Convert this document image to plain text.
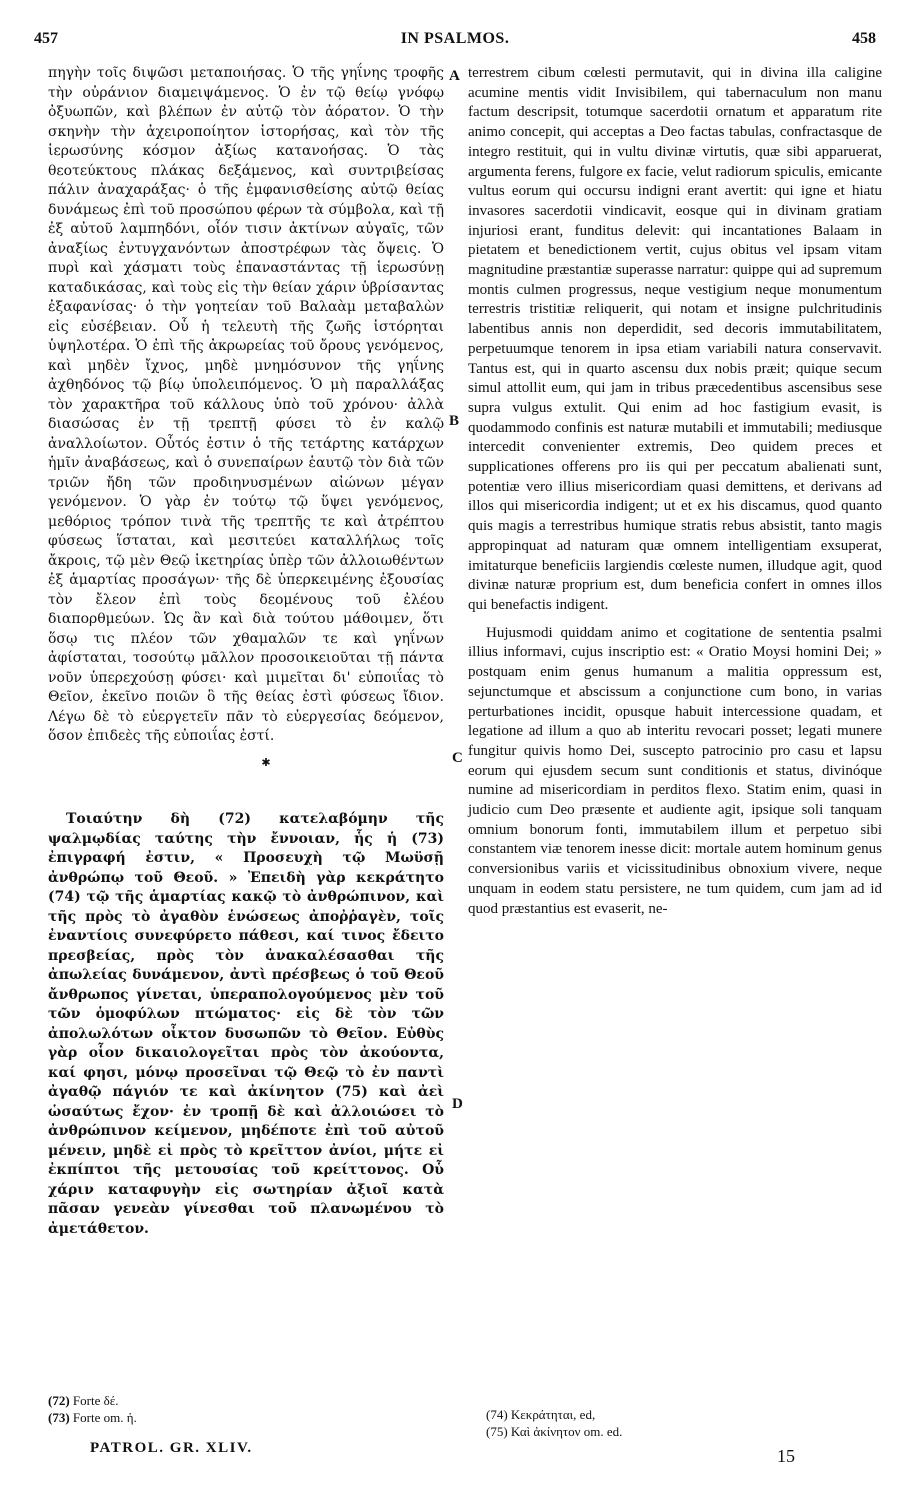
457	IN PSALMOS.	458

πηγὴν τοῖς διψῶσι μεταποιήσας. Ὁ τῆς γηΐνης τροφῆς τὴν οὐράνιον διαμειψάμενος. Ὁ ἐν τῷ θείῳ γνόφῳ ὀξυωπῶν, καὶ βλέπων ἐν αὐτῷ τὸν ἀόρατον. Ὁ τὴν σκηνὴν τὴν ἀχειροποίητον ἱστορήσας, καὶ τὸν τῆς ἱερωσύνης κόσμον ἀξίως κατανοήσας. Ὁ τὰς θεοτεύκτους πλάκας δεξάμενος, καὶ συντριβείσας πάλιν ἀναχαράξας· ὁ τῆς ἐμφανισθείσης αὐτῷ θείας δυνάμεως ἐπὶ τοῦ προσώπου φέρων τὰ σύμβολα, καὶ τῇ ἐξ αὐτοῦ λαμπηδόνι, οἷόν τισιν ἀκτίνων αὐγαῖς, τῶν ἀναξίως ἐντυγχανόντων ἀποστρέφων τὰς ὄψεις. Ὁ πυρὶ καὶ χάσματι τοὺς ἐπαναστάντας τῇ ἱερωσύνῃ καταδικάσας, καὶ τοὺς εἰς τὴν θείαν χάριν ὑβρίσαντας ἐξαφανίσας· ὁ τὴν γοητείαν τοῦ Βαλαὰμ μεταβαλὼν εἰς εὐσέβειαν. Οὗ ἡ τελευτὴ τῆς ζωῆς ἱστόρηται ὑψηλοτέρα. Ὁ ἐπὶ τῆς ἀκρωρείας τοῦ ὄρους γενόμενος, καὶ μηδὲν ἴχνος, μηδὲ μνημόσυνον τῆς γηΐνης ἀχθηδόνος τῷ βίῳ ὑπολειπόμενος. Ὁ μὴ παραλλάξας τὸν χαρακτῆρα τοῦ κάλλους ὑπὸ τοῦ χρόνου· ἀλλὰ διασώσας ἐν τῇ τρεπτῇ φύσει τὸ ἐν καλῷ ἀναλλοίωτον. Οὗτός ἐστιν ὁ τῆς τετάρτης κατάρχων ἡμῖν ἀναβάσεως, καὶ ὁ συνεπαίρων ἑαυτῷ τὸν διὰ τῶν τριῶν ἤδη τῶν προδιηνυσμένων αἰώνων μέγαν γενόμενον. Ὁ γὰρ ἐν τούτῳ τῷ ὕψει γενόμενος, μεθόριος τρόπον τινὰ τῆς τρεπτῆς τε καὶ ἀτρέπτου φύσεως ἵσταται, καὶ μεσιτεύει καταλλήλως τοῖς ἄκροις, τῷ μὲν Θεῷ ἱκετηρίας ὑπὲρ τῶν ἀλλοιωθέντων ἐξ ἁμαρτίας προσάγων· τῆς δὲ ὑπερκειμένης ἐξουσίας τὸν ἔλεον ἐπὶ τοὺς δεομένους τοῦ ἐλέου διαπορθμεύων. Ὡς ἂν καὶ διὰ τούτου μάθοιμεν, ὅτι ὅσῳ τις πλέον τῶν χθαμαλῶν τε καὶ γηΐνων ἀφίσταται, τοσούτῳ μᾶλλον προσοικειοῦται τῇ πάντα νοῦν ὑπερεχούσῃ φύσει· καὶ μιμεῖται δι' εὐποιΐας τὸ Θεῖον, ἐκεῖνο ποιῶν ὃ τῆς θείας ἐστὶ φύσεως ἴδιον. Λέγω δὲ τὸ εὐεργετεῖν πᾶν τὸ εὐεργεσίας δεόμενον, ὅσον ἐπιδεὲς τῆς εὐποιΐας ἐστί.

✱

Τοιαύτην δὴ (72) κατελαβόμην τῆς ψαλμῳδίας ταύτης τὴν ἔννοιαν, ἧς ἡ (73) ἐπιγραφή ἐστιν, « Προσευχὴ τῷ Μωϋσῇ ἀνθρώπῳ τοῦ Θεοῦ. » Ἐπειδὴ γὰρ κεκράτητο (74) τῷ τῆς ἁμαρτίας κακῷ τὸ ἀνθρώπινον, καὶ τῆς πρὸς τὸ ἀγαθὸν ἑνώσεως ἀποῤῥαγὲν, τοῖς ἐναντίοις συνεφύρετο πάθεσι, καί τινος ἔδειτο πρεσβείας, πρὸς τὸν ἀνακαλέσασθαι τῆς ἀπωλείας δυνάμενον, ἀντὶ πρέσβεως ὁ τοῦ Θεοῦ ἄνθρωπος γίνεται, ὑπεραπολογούμενος μὲν τοῦ τῶν ὁμοφύλων πτώματος· εἰς δὲ τὸν τῶν ἀπολωλότων οἶκτον δυσωπῶν τὸ Θεῖον. Εὐθὺς γὰρ οἷον δικαιολογεῖται πρὸς τὸν ἀκούοντα, καί φησι, μόνῳ προσεῖναι τῷ Θεῷ τὸ ἐν παντὶ ἀγαθῷ πάγιόν τε καὶ ἀκίνητον (75) καὶ ἀεὶ ὡσαύτως ἔχον· ἐν τροπῇ δὲ καὶ ἀλλοιώσει τὸ ἀνθρώπινον κείμενον, μηδέποτε ἐπὶ τοῦ αὐτοῦ μένειν, μηδὲ εἰ πρὸς τὸ κρεῖττον ἀνίοι, μήτε εἰ ἐκπίπτοι τῆς μετουσίας τοῦ κρείττονος. Οὗ χάριν καταφυγὴν εἰς σωτηρίαν ἀξιοῖ κατὰ πᾶσαν γενεὰν γίνεσθαι τοῦ πλανωμένου τὸ ἀμετάθετον.

terrestrem cibum cœlesti permutavit, qui in divina illa caligine acumine mentis vidit Invisibilem, qui tabernaculum non manu factum descripsit, totumque sacerdotii ornatum et apparatum rite animo concepit, qui acceptas a Deo factas tabulas, confractasque de integro restituit, qui in vultu divinæ virtutis, quæ sibi apparuerat, argumenta ferens, fulgore ex facie, velut radiorum spiculis, emicante vultus eorum qui occursu indigni erant avertit: qui igne et hiatu invasores sacerdotii vindicavit, eosque qui in divinam gratiam injuriosi erant, funditus delevit: qui incantationes Balaam in pietatem et benedictionem vertit, cujus obitus vel ipsam vitam magnitudine præstantiæ superasse narratur: quippe qui ad supremum montis culmen progressus, neque vestigium neque monumentum terrestris tristitiæ reliquerit, qui notam et insigne pulchritudinis labentibus annis non deperdidit, sed decoris immutabilitatem, perpetuumque tenorem in ipsa etiam variabili natura conservavit. Tantus est, qui in quarto ascensu dux nobis præit; quique secum simul attollit eum, qui jam in tribus præcedentibus ascensibus sese supra vulgus extulit. Qui enim ad hoc fastigium evasit, is quodammodo confinis est naturæ mutabili et immutabili; mediusque intercedit convenienter extremis, Deo quidem preces et supplicationes offerens pro iis qui per peccatum abalienati sunt, potentiæ vero illius misericordiam quasi demittens, et derivans ad illos qui misericordia indigent; ut et ex his discamus, quod quanto quis magis a terrestribus humique stratis rebus absistit, tanto magis appropinquat ad naturam quæ omnem intelligentiam exsuperat, imitaturque beneficiis largiendis cœleste numen, illudque agit, quod divinæ naturæ proprium est, dum beneficia confert in omnes illos qui benefactis indigent.

Hujusmodi quiddam animo et cogitatione de sententia psalmi illius informavi, cujus inscriptio est: « Oratio Moysi homini Dei; » postquam enim genus humanum a malitia oppressum est, sejunctumque et abscissum a conjunctione cum bono, in varias perturbationes incidit, opusque habuit intercessione quadam, et legatione ad illum a quo ab interitu revocari posset; legati munere fungitur quivis homo Dei, suscepto patrocinio pro casu et lapsu eorum qui ejusdem secum sunt conditionis et status, divinóque numine ad misericordiam in perditos flexo. Statim enim, quasi in judicio cum Deo præsente et audiente agit, ipsique soli tanquam omnium bonorum fonti, immutabilem illum et perpetuo sibi constantem viæ tenorem inesse dicit: mortale autem hominum genus conversionibus variis et vicissitudinibus obnoxium vivere, neque unquam in eodem statu persistere, ne tum quidem, cum jam ad id quod præstantius est evaserit, ne-

A
B
C
D
(72) Forte δέ.
(73) Forte om. ἡ.
PATROL. GR. XLIV.
(74) Κεκράτηται, ed,
(75) Καὶ ἀκίνητον om. ed.
15
